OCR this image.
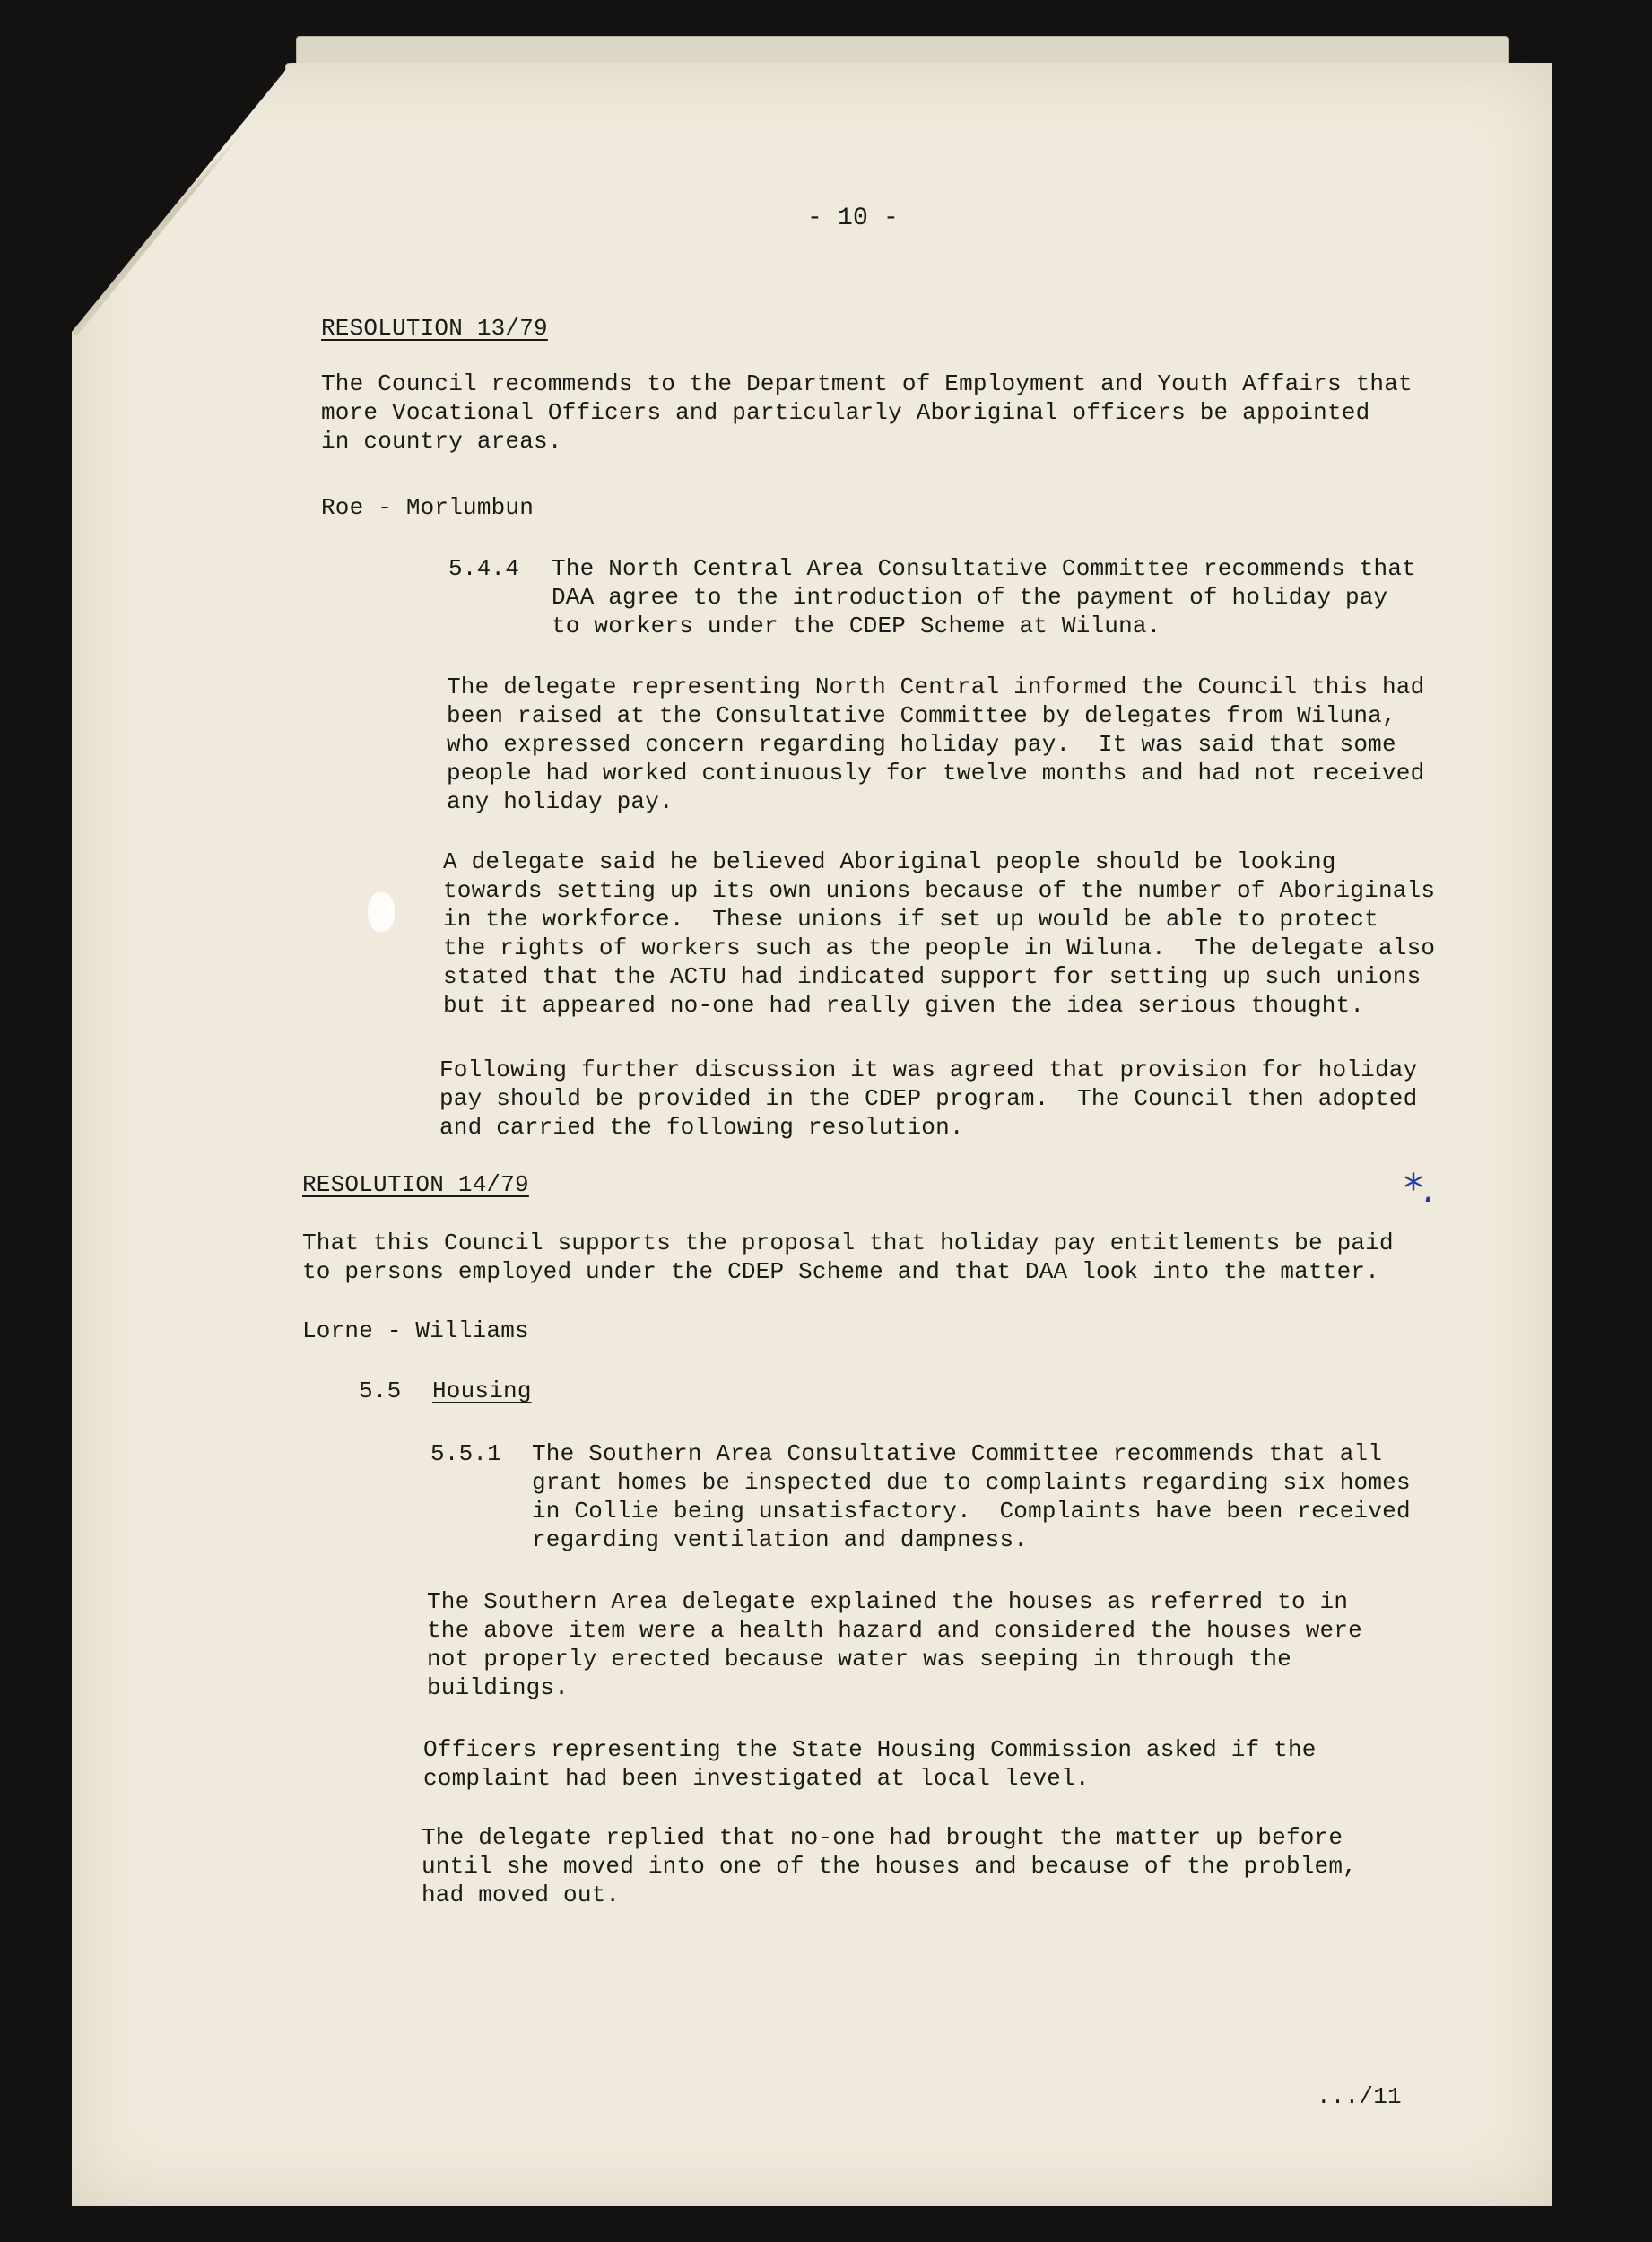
- 10 -
RESOLUTION 13/79
The Council recommends to the Department of Employment and Youth Affairs that
more Vocational Officers and particularly Aboriginal officers be appointed
in country areas.
Roe - Morlumbun
5.4.4 The North Central Area Consultative Committee recommends that
DAA agree to the introduction of the payment of holiday pay
to workers under the CDEP Scheme at Wiluna.
The delegate representing North Central informed the Council this had
been raised at the Consultative Committee by delegates from Wiluna,
who expressed concern regarding holiday pay.  It was said that some
people had worked continuously for twelve months and had not received
any holiday pay.
A delegate said he believed Aboriginal people should be looking
towards setting up its own unions because of the number of Aboriginals
in the workforce.  These unions if set up would be able to protect
the rights of workers such as the people in Wiluna.  The delegate also
stated that the ACTU had indicated support for setting up such unions
but it appeared no-one had really given the idea serious thought.
Following further discussion it was agreed that provision for holiday
pay should be provided in the CDEP program.  The Council then adopted
and carried the following resolution.
RESOLUTION 14/79	*.
That this Council supports the proposal that holiday pay entitlements be paid
to persons employed under the CDEP Scheme and that DAA look into the matter.
Lorne - Williams
5.5 Housing
5.5.1 The Southern Area Consultative Committee recommends that all
grant homes be inspected due to complaints regarding six homes
in Collie being unsatisfactory.  Complaints have been received
regarding ventilation and dampness.
The Southern Area delegate explained the houses as referred to in
the above item were a health hazard and considered the houses were
not properly erected because water was seeping in through the
buildings.
Officers representing the State Housing Commission asked if the
complaint had been investigated at local level.
The delegate replied that no-one had brought the matter up before
until she moved into one of the houses and because of the problem,
had moved out.
.../11
